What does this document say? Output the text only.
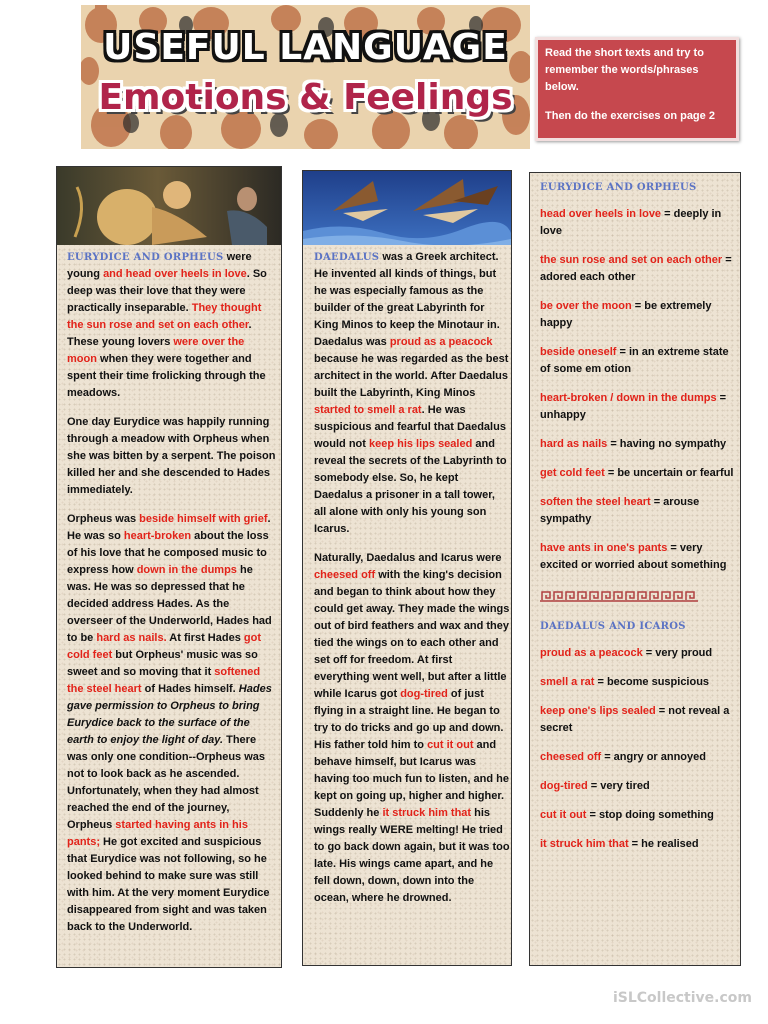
USEFUL LANGUAGE
Emotions & Feelings

Read the short texts and try to remember the words/phrases below.

Then do the exercises on page 2

EURYDICE AND ORPHEUS were young and head over heels in love. So deep was their love that they were practically inseparable. They thought the sun rose and set on each other. These young lovers were over the moon when they were together and spent their time frolicking through the meadows.

One day Eurydice was happily running through a meadow with Orpheus when she was bitten by a serpent. The poison killed her and she descended to Hades immediately.

Orpheus was beside himself with grief. He was so heart-broken about the loss of his love that he composed music to express how down in the dumps he was. He was so depressed that he decided address Hades. As the overseer of the Underworld, Hades had to be hard as nails. At first Hades got cold feet but Orpheus' music was so sweet and so moving that it softened the steel heart of Hades himself. Hades gave permission to Orpheus to bring Eurydice back to the surface of the earth to enjoy the light of day. There was only one condition--Orpheus was not to look back as he ascended. Unfortunately, when they had almost reached the end of the journey, Orpheus started having ants in his pants; He got excited and suspicious that Eurydice was not following, so he looked behind to make sure was still with him. At the very moment Eurydice disappeared from sight and was taken back to the Underworld.

DAEDALUS was a Greek architect. He invented all kinds of things, but he was especially famous as the builder of the great Labyrinth for King Minos to keep the Minotaur in. Daedalus was proud as a peacock because he was regarded as the best architect in the world. After Daedalus built the Labyrinth, King Minos started to smell a rat. He was suspicious and fearful that Daedalus would not keep his lips sealed and reveal the secrets of the Labyrinth to somebody else. So, he kept Daedalus a prisoner in a tall tower, all alone with only his young son Icarus.

Naturally, Daedalus and Icarus were cheesed off with the king's decision and began to think about how they could get away. They made the wings out of bird feathers and wax and they tied the wings on to each other and set off for freedom. At first everything went well, but after a little while Icarus got dog-tired of just flying in a straight line. He began to try to do tricks and go up and down. His father told him to cut it out and behave himself, but Icarus was having too much fun to listen, and he kept on going up, higher and higher. Suddenly he it struck him that his wings really WERE melting! He tried to go back down again, but it was too late. His wings came apart, and he fell down, down, down into the ocean, where he drowned.

EURYDICE AND ORPHEUS
head over heels in love = deeply in love
the sun rose and set on each other = adored each other
be over the moon = be extremely happy
beside oneself = in an extreme state of some em otion
heart-broken / down in the dumps = unhappy
hard as nails = having no sympathy
get cold feet = be uncertain or fearful
soften the steel heart = arouse sympathy
have ants in one's pants = very excited or worried about something
DAEDALUS AND ICAROS
proud as a peacock = very proud
smell a rat = become suspicious
keep one's lips sealed = not reveal a secret
cheesed off = angry or annoyed
dog-tired = very tired
cut it out = stop doing something
it struck him that = he realised
iSLCollective.com
